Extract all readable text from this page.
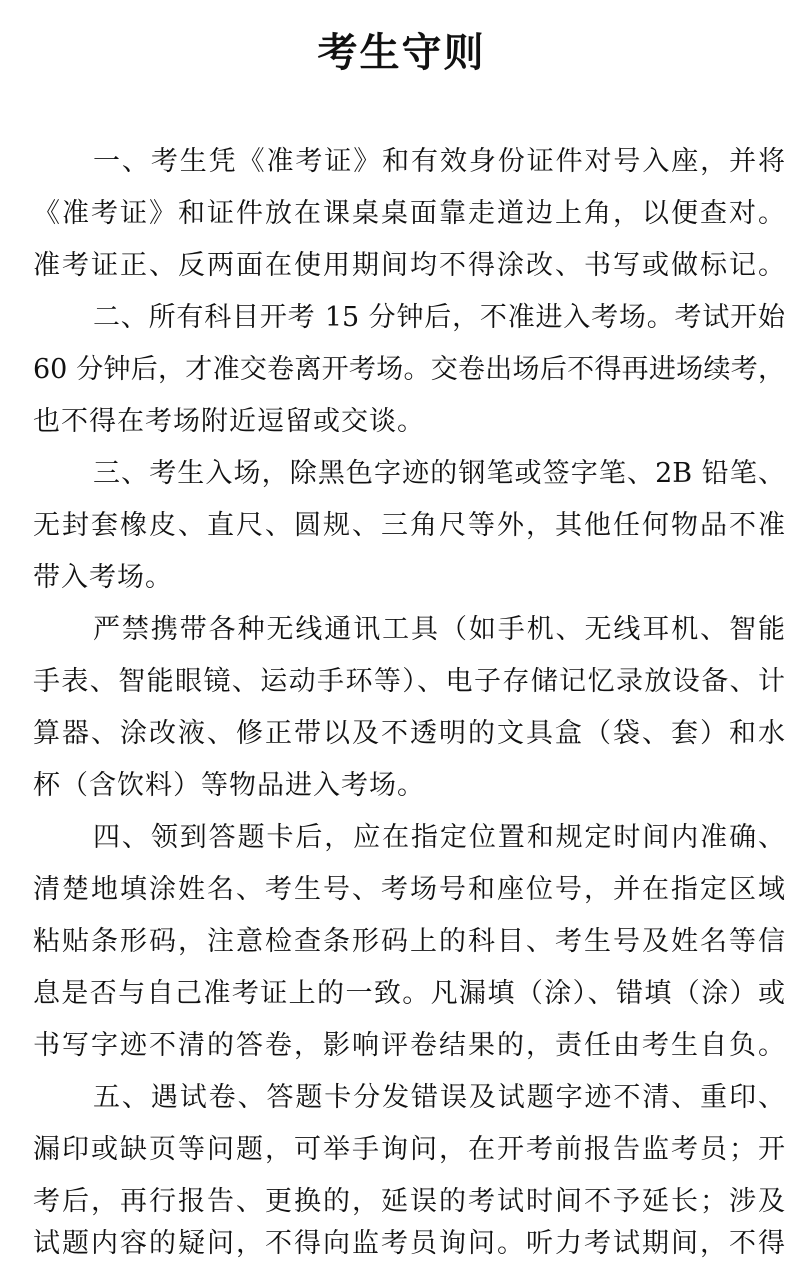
考生守则
一、考生凭《准考证》和有效身份证件对号入座，并将
《准考证》和证件放在课桌桌面靠走道边上角，以便查对。
准考证正、反两面在使用期间均不得涂改、书写或做标记。
二、所有科目开考 15 分钟后，不准进入考场。考试开始
60 分钟后，才准交卷离开考场。交卷出场后不得再进场续考，
也不得在考场附近逗留或交谈。
三、考生入场，除黑色字迹的钢笔或签字笔、2B 铅笔、
无封套橡皮、直尺、圆规、三角尺等外，其他任何物品不准
带入考场。
严禁携带各种无线通讯工具（如手机、无线耳机、智能
手表、智能眼镜、运动手环等）、电子存储记忆录放设备、计
算器、涂改液、修正带以及不透明的文具盒（袋、套）和水
杯（含饮料）等物品进入考场。
四、领到答题卡后，应在指定位置和规定时间内准确、
清楚地填涂姓名、考生号、考场号和座位号，并在指定区域
粘贴条形码，注意检查条形码上的科目、考生号及姓名等信
息是否与自己准考证上的一致。凡漏填（涂）、错填（涂）或
书写字迹不清的答卷，影响评卷结果的，责任由考生自负。
五、遇试卷、答题卡分发错误及试题字迹不清、重印、
漏印或缺页等问题，可举手询问，在开考前报告监考员；开
考后，再行报告、更换的，延误的考试时间不予延长；涉及
试题内容的疑问，不得向监考员询问。听力考试期间，不得
